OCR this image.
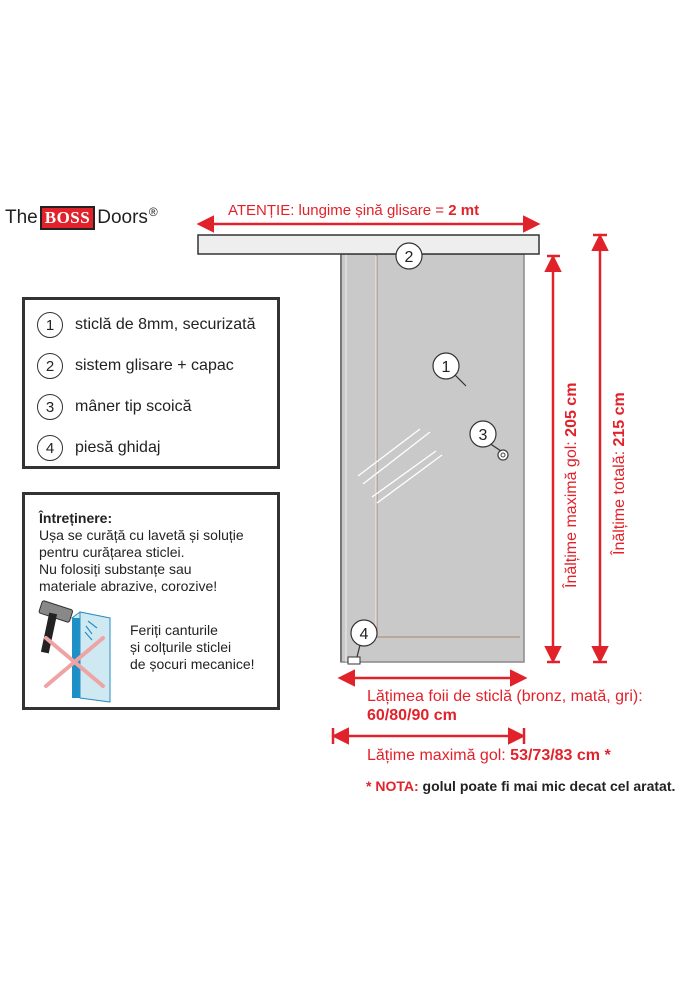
The BOSS Doors®
2
1
3
4
ATENȚIE: lungime șină glisare = 2 mt
1	sticlă de 8mm, securizată
2	sistem glisare + capac
3	mâner tip scoică
4	piesă ghidaj
Întreținere:
Ușa se curăță cu lavetă și soluție
pentru curățarea sticlei.
Nu folosiți substanțe sau
materiale abrazive, corozive!
Feriți canturile
și colțurile sticlei
de șocuri mecanice!
Înălțime maximă gol: 205 cm
Înălțime totală: 215 cm
Lățimea foii de sticlă (bronz, mată, gri):
60/80/90 cm
Lățime maximă gol: 53/73/83 cm *
* NOTA: golul poate fi mai mic decat cel aratat.
